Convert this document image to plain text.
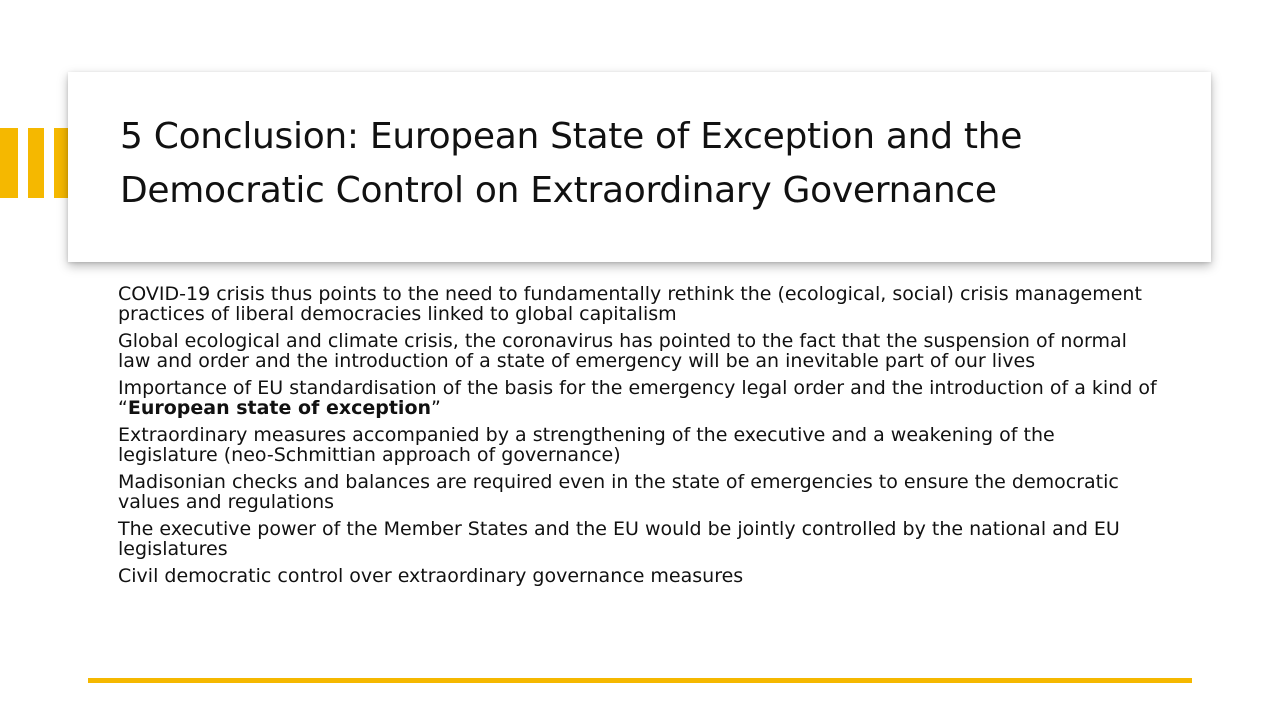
5 Conclusion: European State of Exception and the Democratic Control on Extraordinary Governance

COVID-19 crisis thus points to the need to fundamentally rethink the (ecological, social) crisis management practices of liberal democracies linked to global capitalism

Global ecological and climate crisis, the coronavirus has pointed to the fact that the suspension of normal law and order and the introduction of a state of emergency will be an inevitable part of our lives

Importance of EU standardisation of the basis for the emergency legal order and the introduction of a kind of “European state of exception”

Extraordinary measures accompanied by a strengthening of the executive and a weakening of the legislature (neo-Schmittian approach of governance)

Madisonian checks and balances are required even in the state of emergencies to ensure the democratic values and regulations

The executive power of the Member States and the EU would be jointly controlled by the national and EU legislatures

Civil democratic control over extraordinary governance measures
